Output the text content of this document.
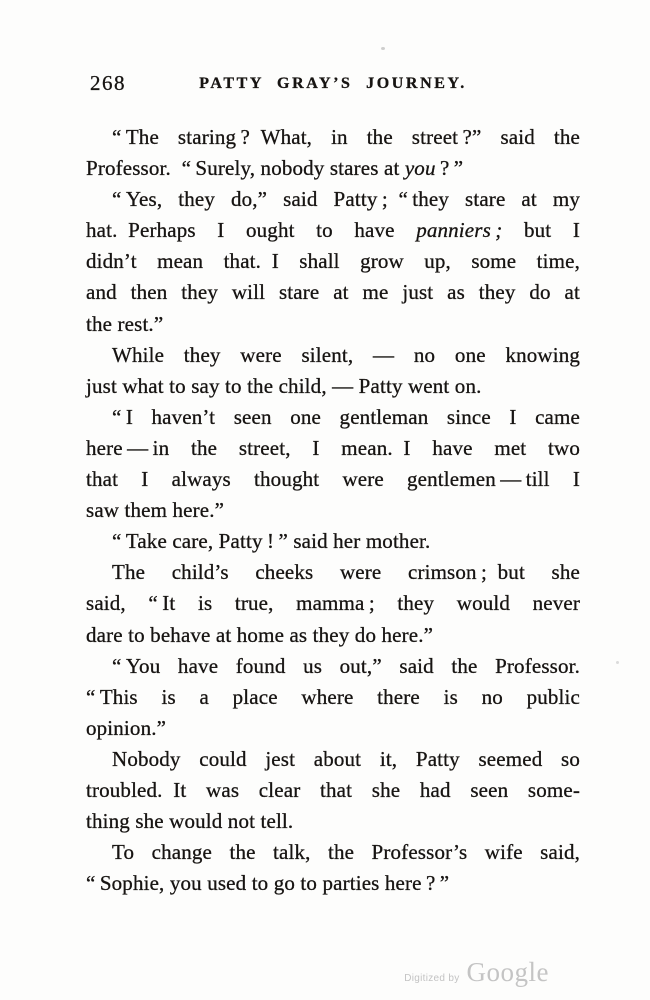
268	PATTY GRAY’S JOURNEY.
“ The staring ? What, in the street ?” said the
Professor. “ Surely, nobody stares at you ? ”
“ Yes, they do,” said Patty ; “ they stare at my
hat. Perhaps I ought to have panniers ; but I
didn’t mean that. I shall grow up, some time,
and then they will stare at me just as they do at
the rest.”
While they were silent, — no one knowing
just what to say to the child, — Patty went on.
“ I haven’t seen one gentleman since I came
here — in the street, I mean. I have met two
that I always thought were gentlemen — till I
saw them here.”
“ Take care, Patty ! ” said her mother.
The child’s cheeks were crimson ; but she
said, “ It is true, mamma ; they would never
dare to behave at home as they do here.”
“ You have found us out,” said the Professor.
“ This is a place where there is no public
opinion.”
Nobody could jest about it, Patty seemed so
troubled. It was clear that she had seen some-
thing she would not tell.
To change the talk, the Professor’s wife said,
“ Sophie, you used to go to parties here ? ”
Digitized by Google
